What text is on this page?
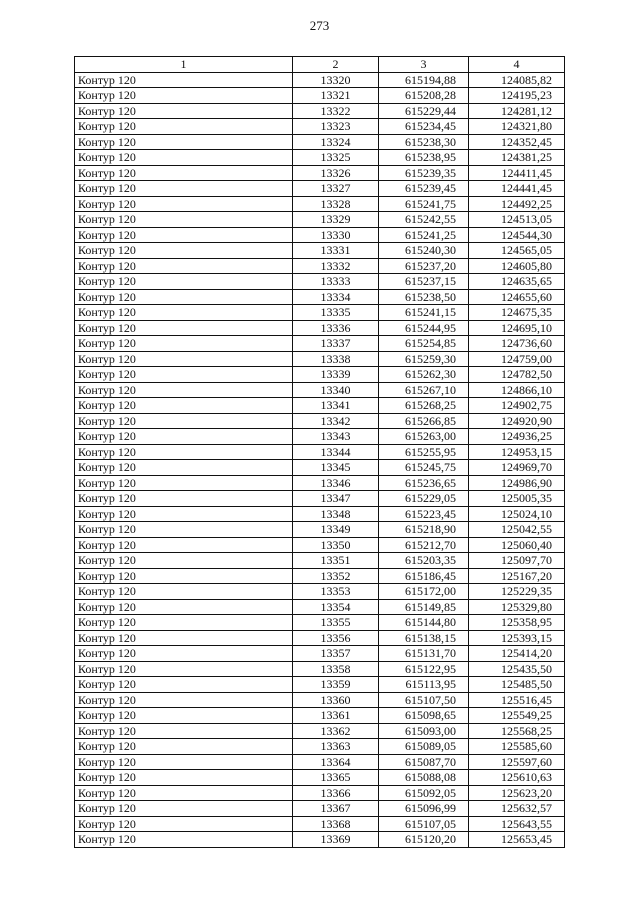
273
1	2	3	4
Контур 120	13320	615194,88	124085,82
Контур 120	13321	615208,28	124195,23
Контур 120	13322	615229,44	124281,12
Контур 120	13323	615234,45	124321,80
Контур 120	13324	615238,30	124352,45
Контур 120	13325	615238,95	124381,25
Контур 120	13326	615239,35	124411,45
Контур 120	13327	615239,45	124441,45
Контур 120	13328	615241,75	124492,25
Контур 120	13329	615242,55	124513,05
Контур 120	13330	615241,25	124544,30
Контур 120	13331	615240,30	124565,05
Контур 120	13332	615237,20	124605,80
Контур 120	13333	615237,15	124635,65
Контур 120	13334	615238,50	124655,60
Контур 120	13335	615241,15	124675,35
Контур 120	13336	615244,95	124695,10
Контур 120	13337	615254,85	124736,60
Контур 120	13338	615259,30	124759,00
Контур 120	13339	615262,30	124782,50
Контур 120	13340	615267,10	124866,10
Контур 120	13341	615268,25	124902,75
Контур 120	13342	615266,85	124920,90
Контур 120	13343	615263,00	124936,25
Контур 120	13344	615255,95	124953,15
Контур 120	13345	615245,75	124969,70
Контур 120	13346	615236,65	124986,90
Контур 120	13347	615229,05	125005,35
Контур 120	13348	615223,45	125024,10
Контур 120	13349	615218,90	125042,55
Контур 120	13350	615212,70	125060,40
Контур 120	13351	615203,35	125097,70
Контур 120	13352	615186,45	125167,20
Контур 120	13353	615172,00	125229,35
Контур 120	13354	615149,85	125329,80
Контур 120	13355	615144,80	125358,95
Контур 120	13356	615138,15	125393,15
Контур 120	13357	615131,70	125414,20
Контур 120	13358	615122,95	125435,50
Контур 120	13359	615113,95	125485,50
Контур 120	13360	615107,50	125516,45
Контур 120	13361	615098,65	125549,25
Контур 120	13362	615093,00	125568,25
Контур 120	13363	615089,05	125585,60
Контур 120	13364	615087,70	125597,60
Контур 120	13365	615088,08	125610,63
Контур 120	13366	615092,05	125623,20
Контур 120	13367	615096,99	125632,57
Контур 120	13368	615107,05	125643,55
Контур 120	13369	615120,20	125653,45
